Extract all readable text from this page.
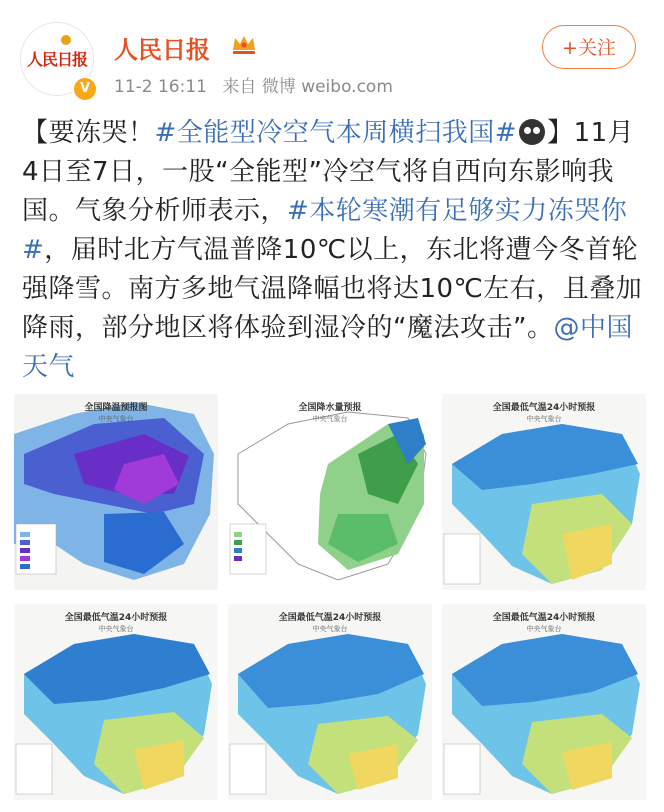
人民日报
V
人民日报
11-2 16:11 来自 微博 weibo.com
+关注
【要冻哭！#全能型冷空气本周横扫我国# 】11月4日至7日，一股“全能型”冷空气将自西向东影响我国。气象分析师表示，#本轮寒潮有足够实力冻哭你#，届时北方气温普降10℃以上，东北将遭今冬首轮强降雪。南方多地气温降幅也将达10℃左右，且叠加降雨，部分地区将体验到湿冷的“魔法攻击”。@中国天气
全国降温预报图
中央气象台
全国降水量预报
中央气象台
全国最低气温24小时预报
中央气象台
全国最低气温24小时预报
中央气象台
全国最低气温24小时预报
中央气象台
全国最低气温24小时预报
中央气象台
